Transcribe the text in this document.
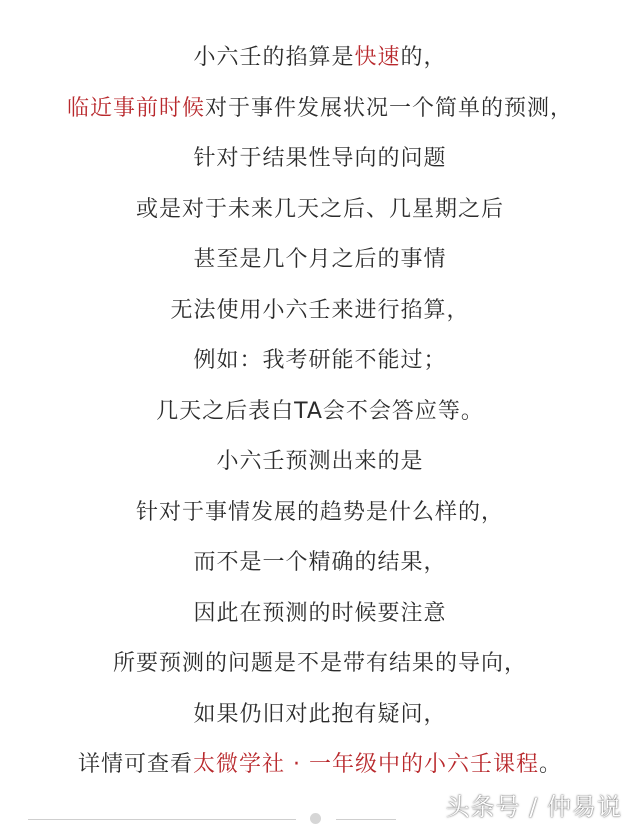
小六壬的掐算是快速的，
临近事前时候对于事件发展状况一个简单的预测，
针对于结果性导向的问题
或是对于未来几天之后、几星期之后
甚至是几个月之后的事情
无法使用小六壬来进行掐算，
例如：我考研能不能过；
几天之后表白TA会不会答应等。
小六壬预测出来的是
针对于事情发展的趋势是什么样的，
而不是一个精确的结果，
因此在预测的时候要注意
所要预测的问题是不是带有结果的导向，
如果仍旧对此抱有疑问，
详情可查看太微学社 · 一年级中的小六壬课程。
头条号 / 仲易说
